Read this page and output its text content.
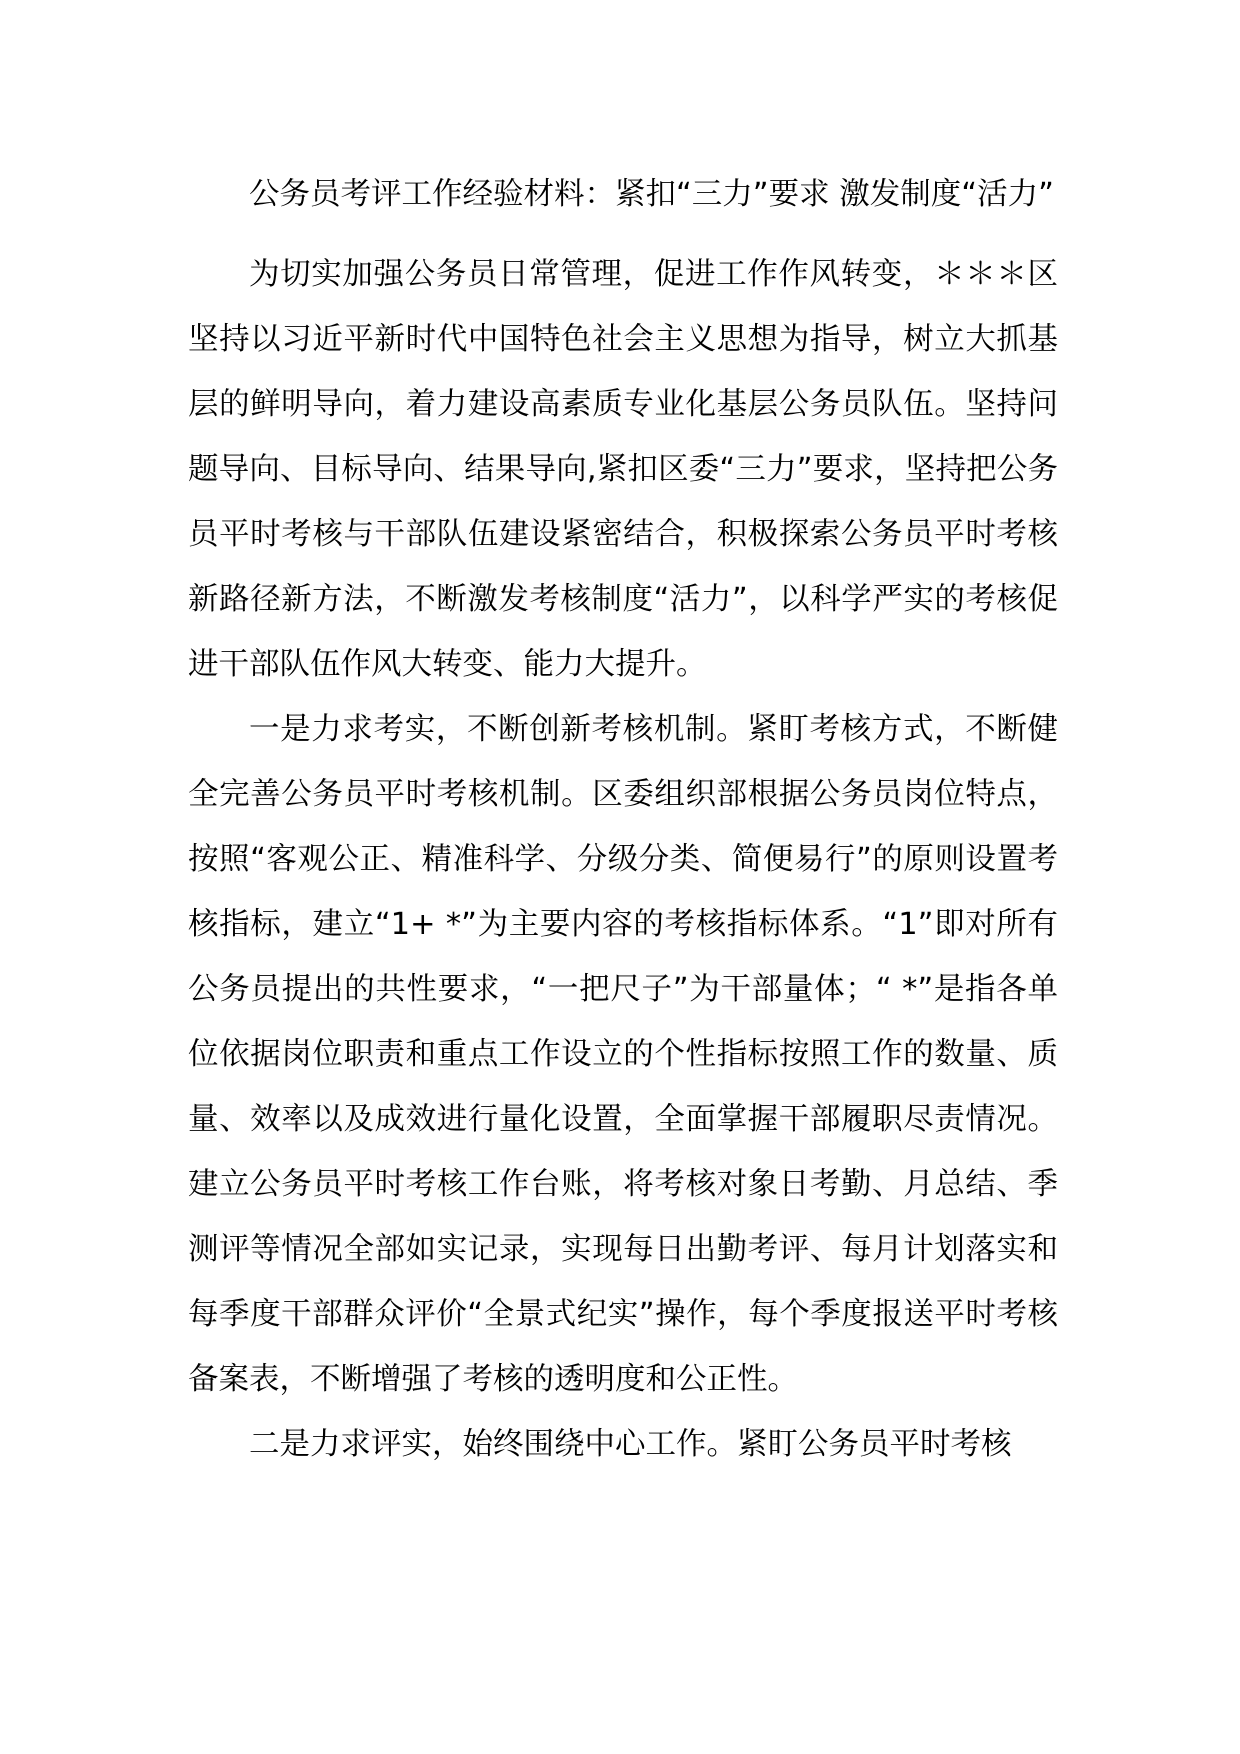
公务员考评工作经验材料：紧扣“三力”要求 激发制度“活力”

为切实加强公务员日常管理，促进工作作风转变，＊＊＊区坚持以习近平新时代中国特色社会主义思想为指导，树立大抓基层的鲜明导向，着力建设高素质专业化基层公务员队伍。坚持问题导向、目标导向、结果导向,紧扣区委“三力”要求，坚持把公务员平时考核与干部队伍建设紧密结合，积极探索公务员平时考核新路径新方法，不断激发考核制度“活力”，以科学严实的考核促进干部队伍作风大转变、能力大提升。

一是力求考实，不断创新考核机制。紧盯考核方式，不断健全完善公务员平时考核机制。区委组织部根据公务员岗位特点，按照“客观公正、精准科学、分级分类、简便易行”的原则设置考核指标，建立“1+ *”为主要内容的考核指标体系。“1”即对所有公务员提出的共性要求，“一把尺子”为干部量体；“ *”是指各单位依据岗位职责和重点工作设立的个性指标按照工作的数量、质量、效率以及成效进行量化设置，全面掌握干部履职尽责情况。建立公务员平时考核工作台账，将考核对象日考勤、月总结、季测评等情况全部如实记录，实现每日出勤考评、每月计划落实和每季度干部群众评价“全景式纪实”操作，每个季度报送平时考核备案表，不断增强了考核的透明度和公正性。

二是力求评实，始终围绕中心工作。紧盯公务员平时考核
